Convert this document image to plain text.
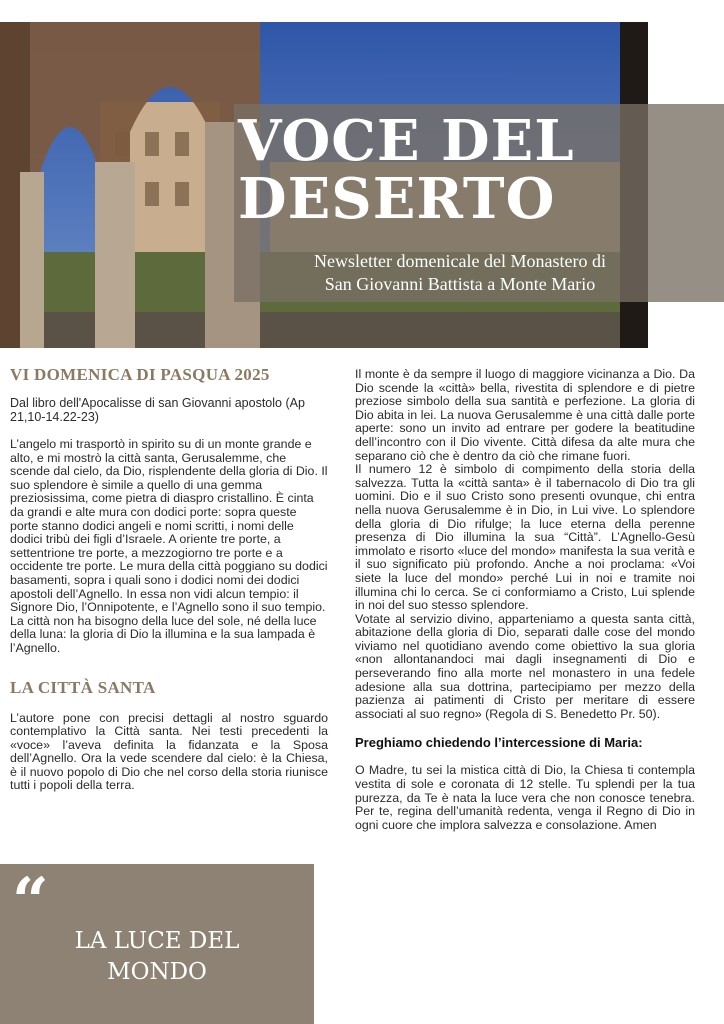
VOCE DEL
DESERTO
Newsletter domenicale del Monastero di
San Giovanni Battista a Monte Mario
VI DOMENICA DI PASQUA 2025

Dal libro dell'Apocalisse di san Giovanni apostolo (Ap 21,10-14.22-23)

L’angelo mi trasportò in spirito su di un monte grande e alto, e mi mostrò la città santa, Gerusalemme, che scende dal cielo, da Dio, risplendente della gloria di Dio. Il suo splendore è simile a quello di una gemma preziosissima, come pietra di diaspro cristallino. È cinta da grandi e alte mura con dodici porte: sopra queste porte stanno dodici angeli e nomi scritti, i nomi delle dodici tribù dei figli d’Israele. A oriente tre porte, a settentrione tre porte, a mezzogiorno tre porte e a occidente tre porte. Le mura della città poggiano su dodici basamenti, sopra i quali sono i dodici nomi dei dodici apostoli dell’Agnello. In essa non vidi alcun tempio: il Signore Dio, l’Onnipotente, e l’Agnello sono il suo tempio. La città non ha bisogno della luce del sole, né della luce della luna: la gloria di Dio la illumina e la sua lampada è l’Agnello.

LA CITTÀ SANTA

L’autore pone con precisi dettagli al nostro sguardo contemplativo la Città santa. Nei testi precedenti la «voce» l’aveva definita la fidanzata e la Sposa dell’Agnello. Ora la vede scendere dal cielo: è la Chiesa, è il nuovo popolo di Dio che nel corso della storia riunisce tutti i popoli della terra.

Il monte è da sempre il luogo di maggiore vicinanza a Dio. Da Dio scende la «città» bella, rivestita di splendore e di pietre preziose simbolo della sua santità e perfezione. La gloria di Dio abita in lei. La nuova Gerusalemme è una città dalle porte aperte: sono un invito ad entrare per godere la beatitudine dell’incontro con il Dio vivente. Città difesa da alte mura che separano ciò che è dentro da ciò che rimane fuori.

Il numero 12 è simbolo di compimento della storia della salvezza. Tutta la «città santa» è il tabernacolo di Dio tra gli uomini. Dio e il suo Cristo sono presenti ovunque, chi entra nella nuova Gerusalemme è in Dio, in Lui vive. Lo splendore della gloria di Dio rifulge; la luce eterna della perenne presenza di Dio illumina la sua “Città”. L’Agnello-Gesù immolato e risorto «luce del mondo» manifesta la sua verità e il suo significato più profondo. Anche a noi proclama: «Voi siete la luce del mondo» perché Lui in noi e tramite noi illumina chi lo cerca. Se ci conformiamo a Cristo, Lui splende in noi del suo stesso splendore.

Votate al servizio divino, apparteniamo a questa santa città, abitazione della gloria di Dio, separati dalle cose del mondo viviamo nel quotidiano avendo come obiettivo la sua gloria «non allontanandoci mai dagli insegnamenti di Dio e perseverando fino alla morte nel monastero in una fedele adesione alla sua dottrina, partecipiamo per mezzo della pazienza ai patimenti di Cristo per meritare di essere associati al suo regno» (Regola di S. Benedetto Pr. 50).

Preghiamo chiedendo l’intercessione di Maria:

O Madre, tu sei la mistica città di Dio, la Chiesa ti contempla vestita di sole e coronata di 12 stelle. Tu splendi per la tua purezza, da Te è nata la luce vera che non conosce tenebra. Per te, regina dell’umanità redenta, venga il Regno di Dio in ogni cuore che implora salvezza e consolazione. Amen

“
LA LUCE DEL
MONDO
